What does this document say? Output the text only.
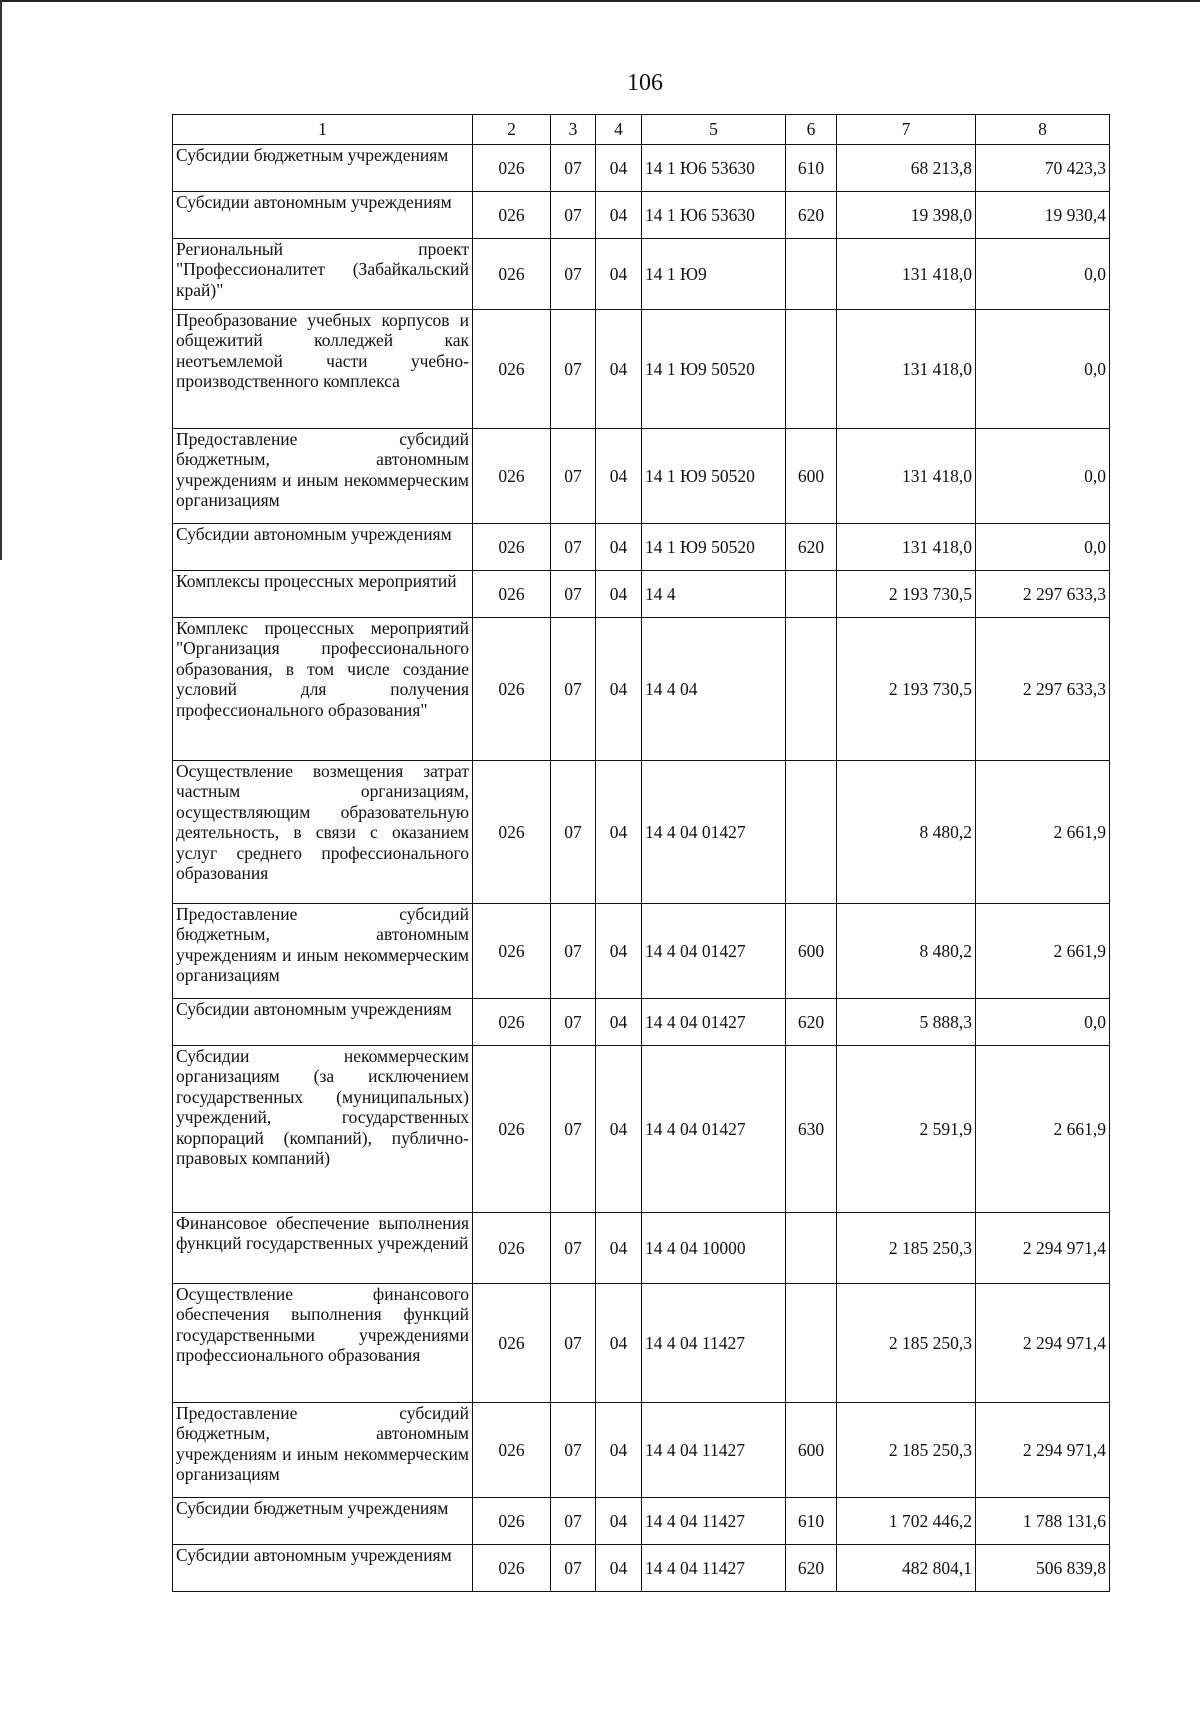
106
1	2	3	4	5	6	7	8
Субсидии бюджетным учреждениям	026	07	04	14 1 Ю6 53630	610	68 213,8	70 423,3
Субсидии автономным учреждениям	026	07	04	14 1 Ю6 53630	620	19 398,0	19 930,4
Региональный проект "Профессионалитет (Забайкальский край)"	026	07	04	14 1 Ю9		131 418,0	0,0
Преобразование учебных корпусов и общежитий колледжей как неотъемлемой части учебно-производственного комплекса	026	07	04	14 1 Ю9 50520		131 418,0	0,0
Предоставление субсидий бюджетным, автономным учреждениям и иным некоммерческим организациям	026	07	04	14 1 Ю9 50520	600	131 418,0	0,0
Субсидии автономным учреждениям	026	07	04	14 1 Ю9 50520	620	131 418,0	0,0
Комплексы процессных мероприятий	026	07	04	14 4		2 193 730,5	2 297 633,3
Комплекс процессных мероприятий "Организация профессионального образования, в том числе создание условий для получения профессионального образования"	026	07	04	14 4 04		2 193 730,5	2 297 633,3
Осуществление возмещения затрат частным организациям, осуществляющим образовательную деятельность, в связи с оказанием услуг среднего профессионального образования	026	07	04	14 4 04 01427		8 480,2	2 661,9
Предоставление субсидий бюджетным, автономным учреждениям и иным некоммерческим организациям	026	07	04	14 4 04 01427	600	8 480,2	2 661,9
Субсидии автономным учреждениям	026	07	04	14 4 04 01427	620	5 888,3	0,0
Субсидии некоммерческим организациям (за исключением государственных (муниципальных) учреждений, государственных корпораций (компаний), публично-правовых компаний)	026	07	04	14 4 04 01427	630	2 591,9	2 661,9
Финансовое обеспечение выполнения функций государственных учреждений	026	07	04	14 4 04 10000		2 185 250,3	2 294 971,4
Осуществление финансового обеспечения выполнения функций государственными учреждениями профессионального образования	026	07	04	14 4 04 11427		2 185 250,3	2 294 971,4
Предоставление субсидий бюджетным, автономным учреждениям и иным некоммерческим организациям	026	07	04	14 4 04 11427	600	2 185 250,3	2 294 971,4
Субсидии бюджетным учреждениям	026	07	04	14 4 04 11427	610	1 702 446,2	1 788 131,6
Субсидии автономным учреждениям	026	07	04	14 4 04 11427	620	482 804,1	506 839,8
